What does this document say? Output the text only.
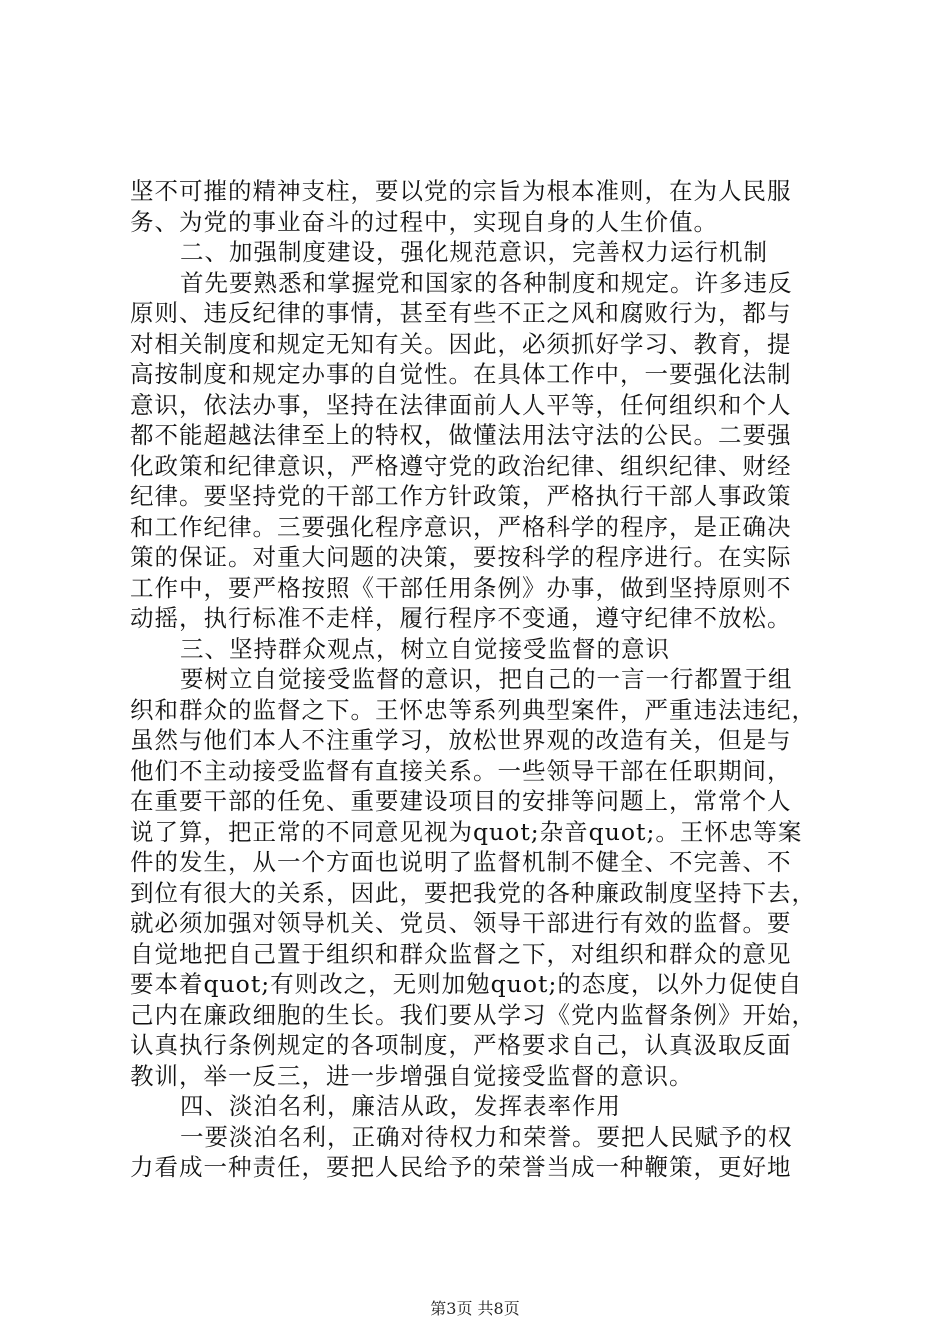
坚不可摧的精神支柱，要以党的宗旨为根本准则，在为人民服
务、为党的事业奋斗的过程中，实现自身的人生价值。
二、加强制度建设，强化规范意识，完善权力运行机制
首先要熟悉和掌握党和国家的各种制度和规定。许多违反
原则、违反纪律的事情，甚至有些不正之风和腐败行为，都与
对相关制度和规定无知有关。因此，必须抓好学习、教育，提
高按制度和规定办事的自觉性。在具体工作中，一要强化法制
意识，依法办事，坚持在法律面前人人平等，任何组织和个人
都不能超越法律至上的特权，做懂法用法守法的公民。二要强
化政策和纪律意识，严格遵守党的政治纪律、组织纪律、财经
纪律。要坚持党的干部工作方针政策，严格执行干部人事政策
和工作纪律。三要强化程序意识，严格科学的程序，是正确决
策的保证。对重大问题的决策，要按科学的程序进行。在实际
工作中，要严格按照《干部任用条例》办事，做到坚持原则不
动摇，执行标准不走样，履行程序不变通，遵守纪律不放松。
三、坚持群众观点，树立自觉接受监督的意识
要树立自觉接受监督的意识，把自己的一言一行都置于组
织和群众的监督之下。王怀忠等系列典型案件，严重违法违纪，
虽然与他们本人不注重学习，放松世界观的改造有关，但是与
他们不主动接受监督有直接关系。一些领导干部在任职期间，
在重要干部的任免、重要建设项目的安排等问题上，常常个人
说了算，把正常的不同意见视为quot;杂音quot;。王怀忠等案
件的发生，从一个方面也说明了监督机制不健全、不完善、不
到位有很大的关系，因此，要把我党的各种廉政制度坚持下去，
就必须加强对领导机关、党员、领导干部进行有效的监督。要
自觉地把自己置于组织和群众监督之下，对组织和群众的意见
要本着quot;有则改之，无则加勉quot;的态度，以外力促使自
己内在廉政细胞的生长。我们要从学习《党内监督条例》开始，
认真执行条例规定的各项制度，严格要求自己，认真汲取反面
教训，举一反三，进一步增强自觉接受监督的意识。
四、淡泊名利，廉洁从政，发挥表率作用
一要淡泊名利，正确对待权力和荣誉。要把人民赋予的权
力看成一种责任，要把人民给予的荣誉当成一种鞭策，更好地
第3页 共8页
